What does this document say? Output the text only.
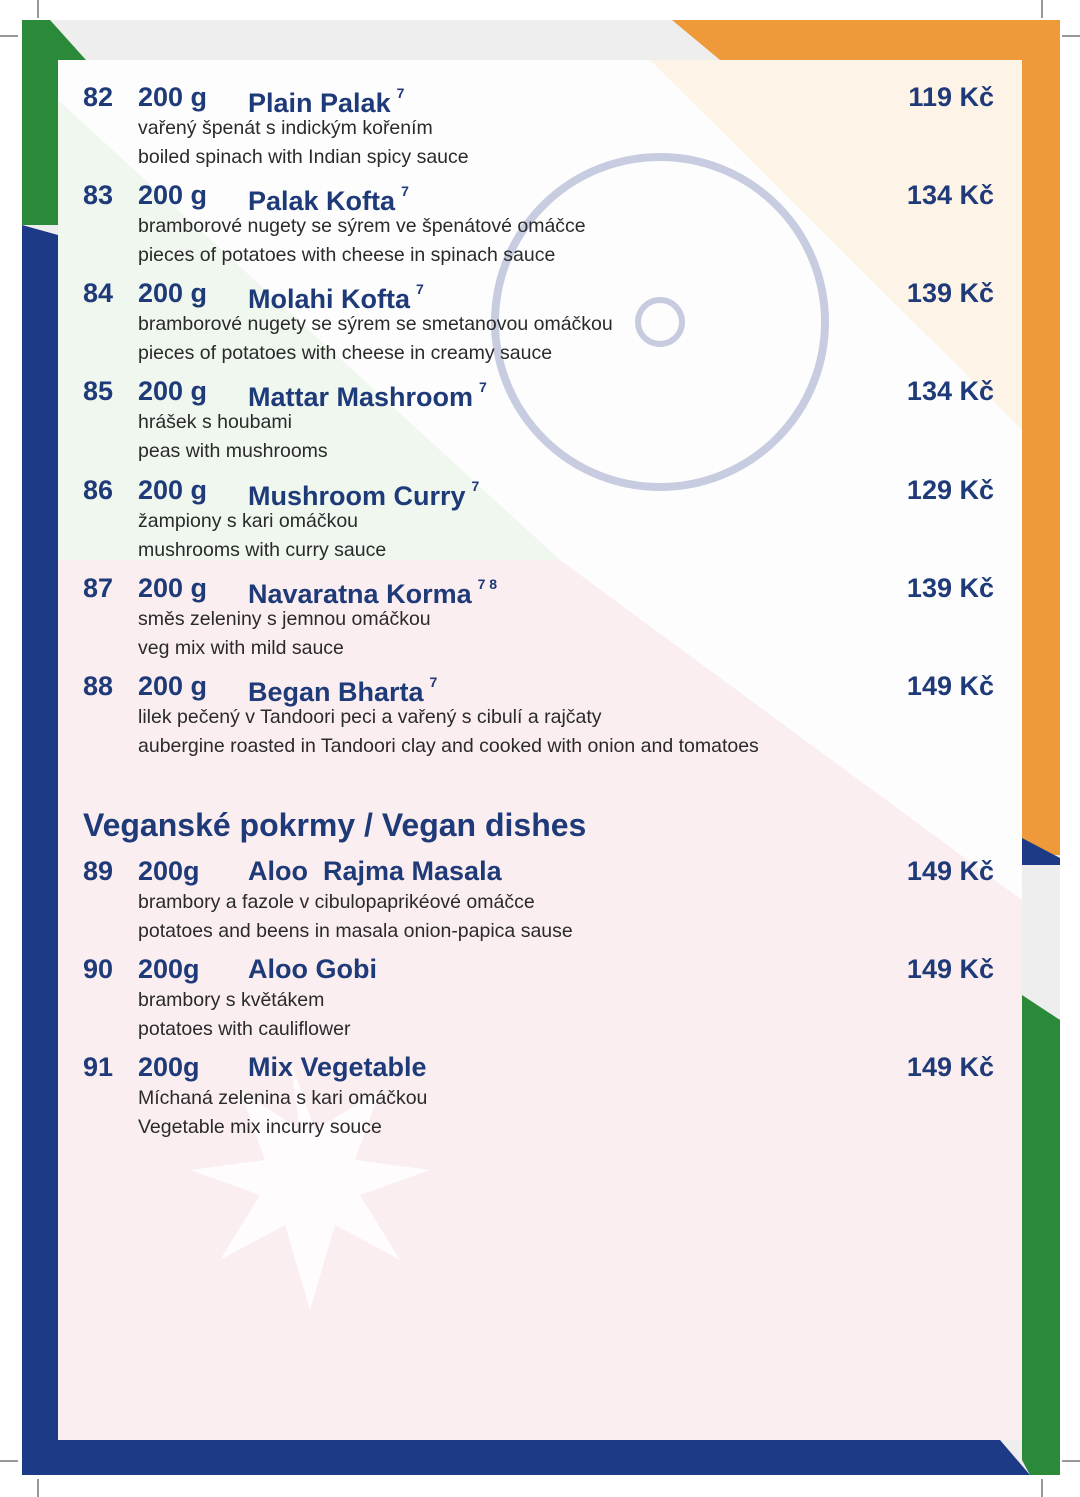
82 200 g Plain Palak $^7$	119 Kč
vařený špenát s indickým kořením
boiled spinach with Indian spicy sauce
83 200 g Palak Kofta $^7$	134 Kč
bramborové nugety se sýrem ve špenátové omáčce
pieces of potatoes with cheese in spinach sauce
84 200 g Molahi Kofta $^7$	139 Kč
bramborové nugety se sýrem se smetanovou omáčkou
pieces of potatoes with cheese in creamy sauce
85 200 g Mattar Mashroom $^7$	134 Kč
hrášek s houbami
peas with mushrooms
86 200 g Mushroom Curry $^7$	129 Kč
žampiony s kari omáčkou
mushrooms with curry sauce
87 200 g Navaratna Korma $^{7 8}$	139 Kč
směs zeleniny s jemnou omáčkou
veg mix with mild sauce
88 200 g Began Bharta $^7$	149 Kč
lilek pečený v Tandoori peci a vařený s cibulí a rajčaty
aubergine roasted in Tandoori clay and cooked with onion and tomatoes
Veganské pokrmy / Vegan dishes
89 200g Aloo  Rajma Masala	149 Kč
brambory a fazole v cibulopaprikéové omáčce
potatoes and beens in masala onion-papica sause
90 200g Aloo Gobi	149 Kč
brambory s květákem
potatoes with cauliflower
91 200g Mix Vegetable	149 Kč
Míchaná zelenina s kari omáčkou
Vegetable mix incurry souce
